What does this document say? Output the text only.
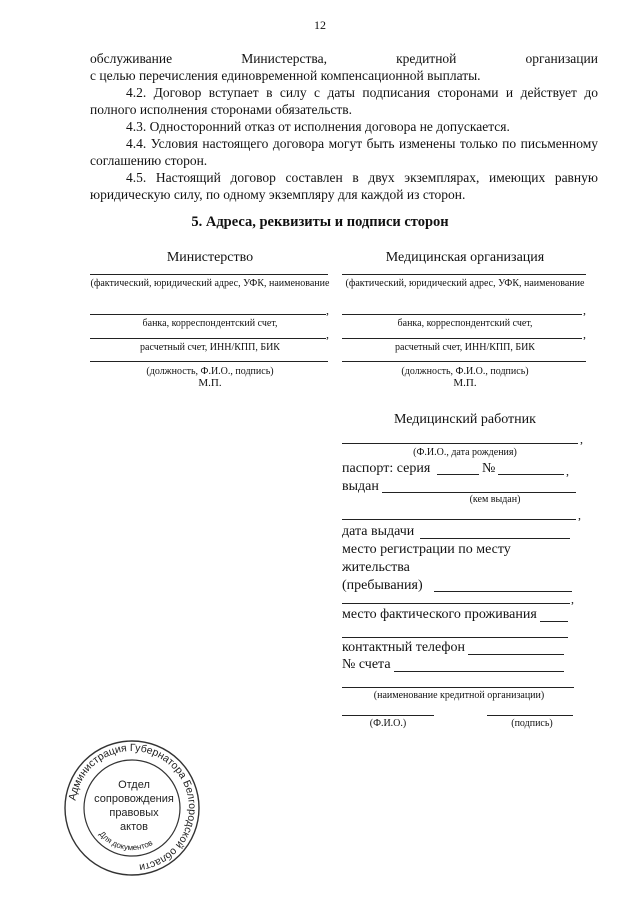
12
обслуживание	Министерства,	кредитной	организации
с целью перечисления единовременной компенсационной выплаты.
4.2. Договор вступает в силу с даты подписания сторонами и действует до полного исполнения сторонами обязательств.
4.3. Односторонний отказ от исполнения договора не допускается.
4.4. Условия настоящего договора могут быть изменены только по письменному соглашению сторон.
4.5. Настоящий договор составлен в двух экземплярах, имеющих равную юридическую силу, по одному экземпляру для каждой из сторон.
5. Адреса, реквизиты и подписи сторон
Министерство
(фактический, юридический адрес, УФК, наименование
,
банка, корреспондентский счет,
,
расчетный счет, ИНН/КПП, БИК
(должность, Ф.И.О., подпись)
М.П.
Медицинская организация
(фактический, юридический адрес, УФК, наименование
,
банка, корреспондентский счет,
,
расчетный счет, ИНН/КПП, БИК
(должность, Ф.И.О., подпись)
М.П.
Медицинский работник
,
(Ф.И.О., дата рождения)
паспорт: серия	№	,
выдан
(кем выдан)
,
дата выдачи
место регистрации по месту
жительства
(пребывания)
,
место фактического проживания
контактный телефон
№ счета
(наименование кредитной организации)
(Ф.И.О.)	(подпись)
Администрация Губернатора Белгородской области
Для документов
Отдел
сопровождения
правовых
актов
